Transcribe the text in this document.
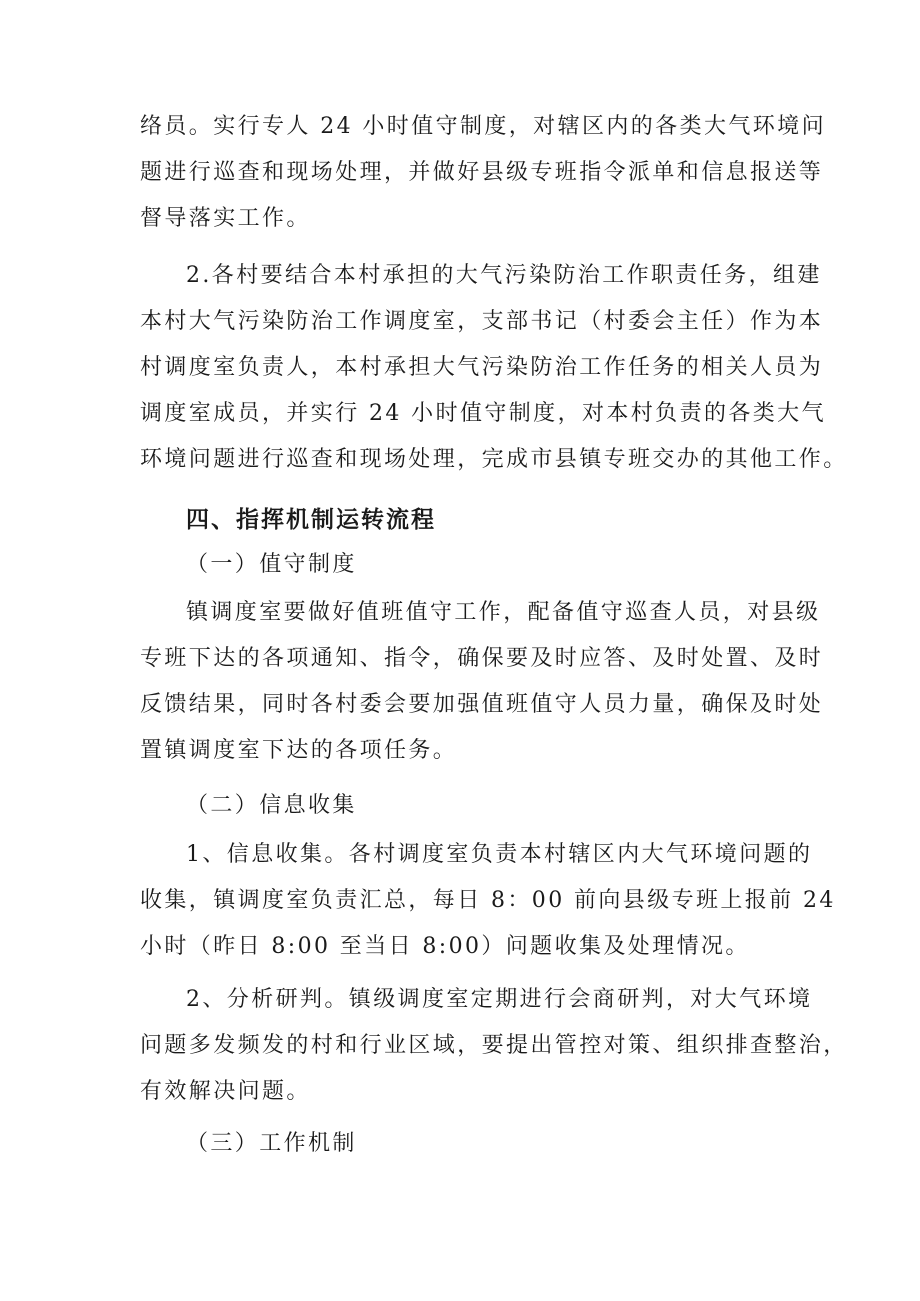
络员。实行专人 24 小时值守制度，对辖区内的各类大气环境问
题进行巡查和现场处理，并做好县级专班指令派单和信息报送等
督导落实工作。
2.各村要结合本村承担的大气污染防治工作职责任务，组建
本村大气污染防治工作调度室，支部书记（村委会主任）作为本
村调度室负责人，本村承担大气污染防治工作任务的相关人员为
调度室成员，并实行 24 小时值守制度，对本村负责的各类大气
环境问题进行巡查和现场处理，完成市县镇专班交办的其他工作。
四、指挥机制运转流程
（一）值守制度
镇调度室要做好值班值守工作，配备值守巡查人员，对县级
专班下达的各项通知、指令，确保要及时应答、及时处置、及时
反馈结果，同时各村委会要加强值班值守人员力量，确保及时处
置镇调度室下达的各项任务。
（二）信息收集
1、信息收集。各村调度室负责本村辖区内大气环境问题的
收集，镇调度室负责汇总，每日 8：00 前向县级专班上报前 24
小时（昨日 8:00 至当日 8:00）问题收集及处理情况。
2、分析研判。镇级调度室定期进行会商研判，对大气环境
问题多发频发的村和行业区域，要提出管控对策、组织排查整治，
有效解决问题。
（三）工作机制
